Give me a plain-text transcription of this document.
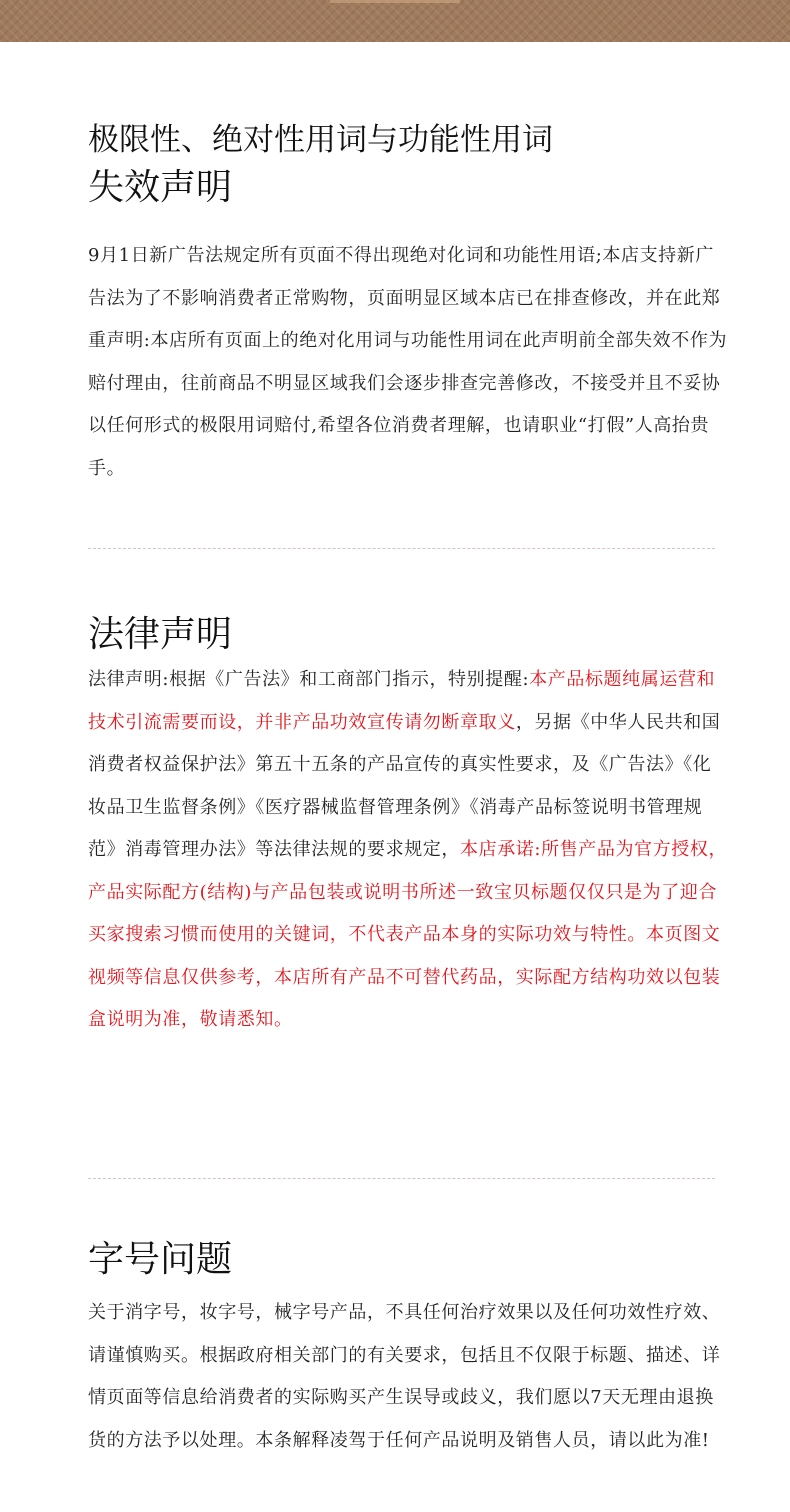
极限性、绝对性用词与功能性用词
失效声明

9月1日新广告法规定所有页面不得出现绝对化词和功能性用语;本店支持新广告法为了不影响消费者正常购物，页面明显区域本店已在排查修改，并在此郑重声明:本店所有页面上的绝对化用词与功能性用词在此声明前全部失效不作为赔付理由，往前商品不明显区域我们会逐步排查完善修改，不接受并且不妥协以任何形式的极限用词赔付,希望各位消费者理解，也请职业“打假”人高抬贵手。

法律声明

法律声明:根据《广告法》和工商部门指示，特别提醒:本产品标题纯属运营和技术引流需要而设，并非产品功效宣传请勿断章取义，另据《中华人民共和国消费者权益保护法》第五十五条的产品宣传的真实性要求，及《广告法》《化妆品卫生监督条例》《医疗器械监督管理条例》《消毒产品标签说明书管理规范》消毒管理办法》等法律法规的要求规定，本店承诺:所售产品为官方授权，产品实际配方(结构)与产品包装或说明书所述一致宝贝标题仅仅只是为了迎合买家搜索习惯而使用的关键词，不代表产品本身的实际功效与特性。本页图文视频等信息仅供参考，本店所有产品不可替代药品，实际配方结构功效以包装盒说明为准，敬请悉知。

字号问题

关于消字号，妆字号，械字号产品，不具任何治疗效果以及任何功效性疗效、请谨慎购买。根据政府相关部门的有关要求，包括且不仅限于标题、描述、详情页面等信息给消费者的实际购买产生误导或歧义，我们愿以7天无理由退换货的方法予以处理。本条解释凌驾于任何产品说明及销售人员，请以此为准!
